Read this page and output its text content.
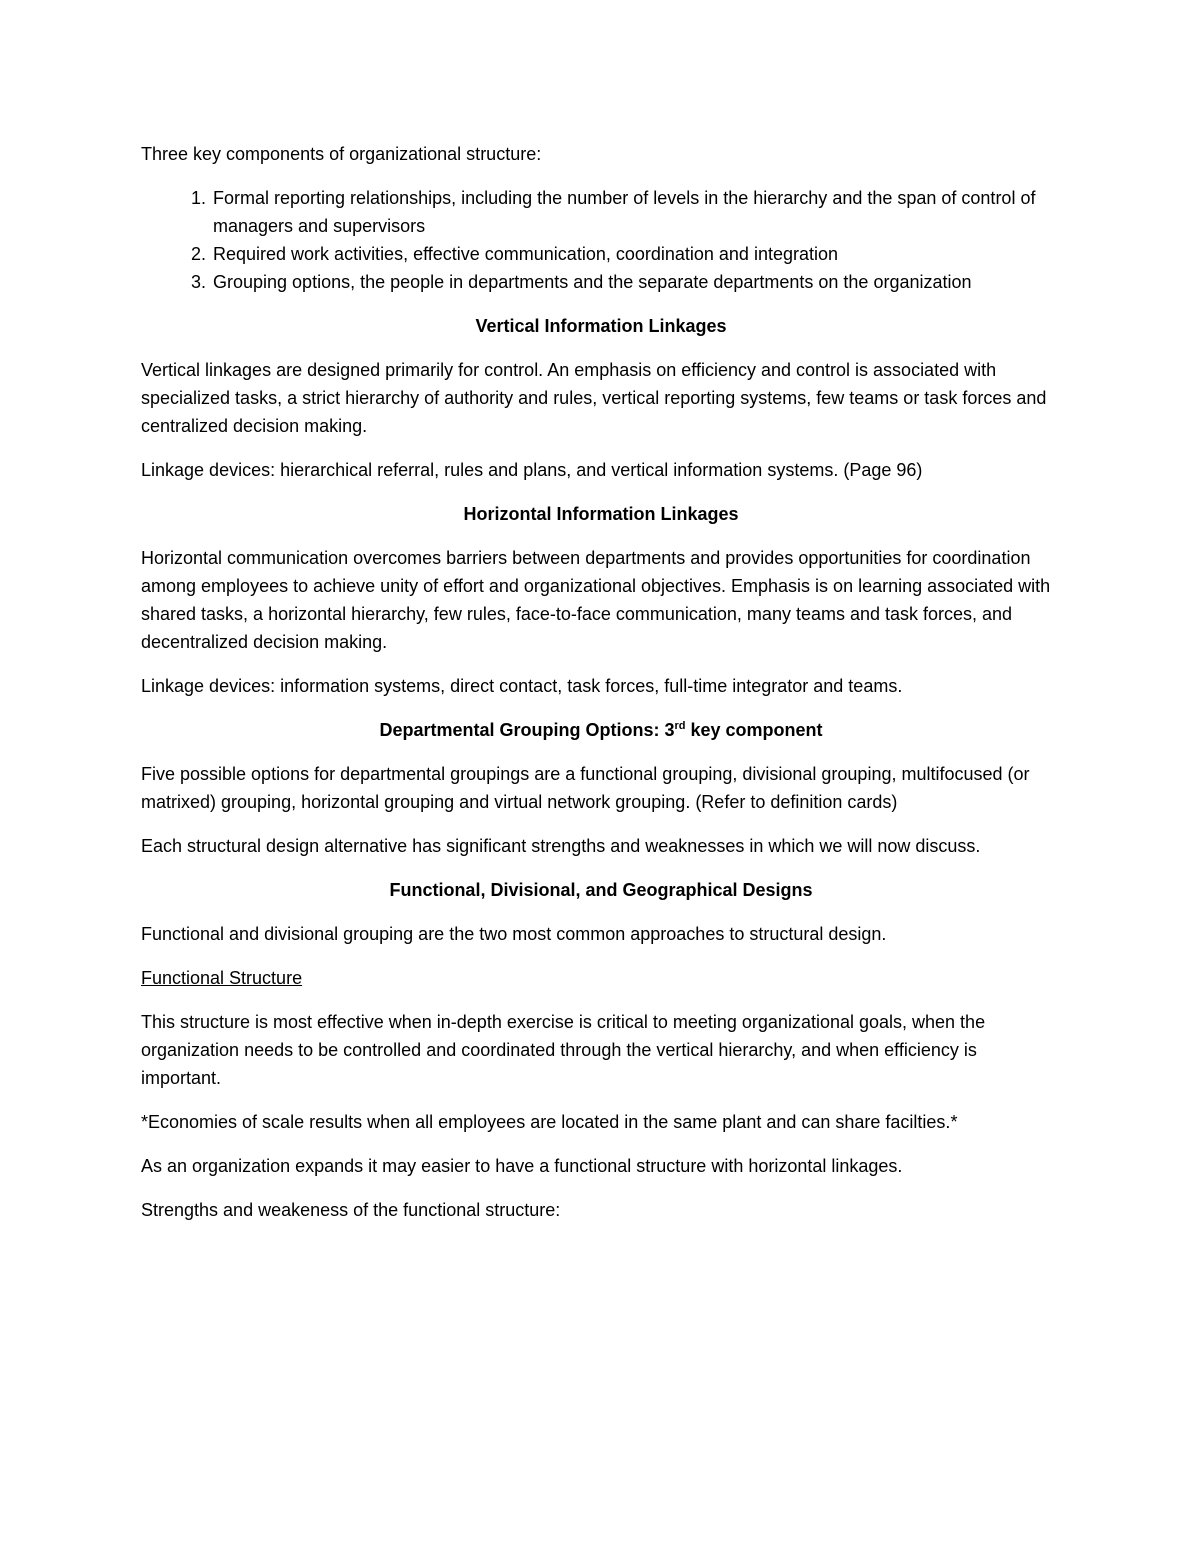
Three key components of organizational structure:

1. Formal reporting relationships, including the number of levels in the hierarchy and the span of control of managers and supervisors
2. Required work activities, effective communication, coordination and integration
3. Grouping options, the people in departments and the separate departments on the organization
Vertical Information Linkages

Vertical linkages are designed primarily for control. An emphasis on efficiency and control is associated with specialized tasks, a strict hierarchy of authority and rules, vertical reporting systems, few teams or task forces and centralized decision making.

Linkage devices: hierarchical referral, rules and plans, and vertical information systems. (Page 96)

Horizontal Information Linkages

Horizontal communication overcomes barriers between departments and provides opportunities for coordination among employees to achieve unity of effort and organizational objectives. Emphasis is on learning associated with shared tasks, a horizontal hierarchy, few rules, face-to-face communication, many teams and task forces, and decentralized decision making.

Linkage devices: information systems, direct contact, task forces, full-time integrator and teams.

Departmental Grouping Options: 3rd key component

Five possible options for departmental groupings are a functional grouping, divisional grouping, multifocused (or matrixed) grouping, horizontal grouping and virtual network grouping. (Refer to definition cards)

Each structural design alternative has significant strengths and weaknesses in which we will now discuss.

Functional, Divisional, and Geographical Designs

Functional and divisional grouping are the two most common approaches to structural design.

Functional Structure

This structure is most effective when in-depth exercise is critical to meeting organizational goals, when the organization needs to be controlled and coordinated through the vertical hierarchy, and when efficiency is important.

*Economies of scale results when all employees are located in the same plant and can share facilties.*

As an organization expands it may easier to have a functional structure with horizontal linkages.

Strengths and weakeness of the functional structure:
